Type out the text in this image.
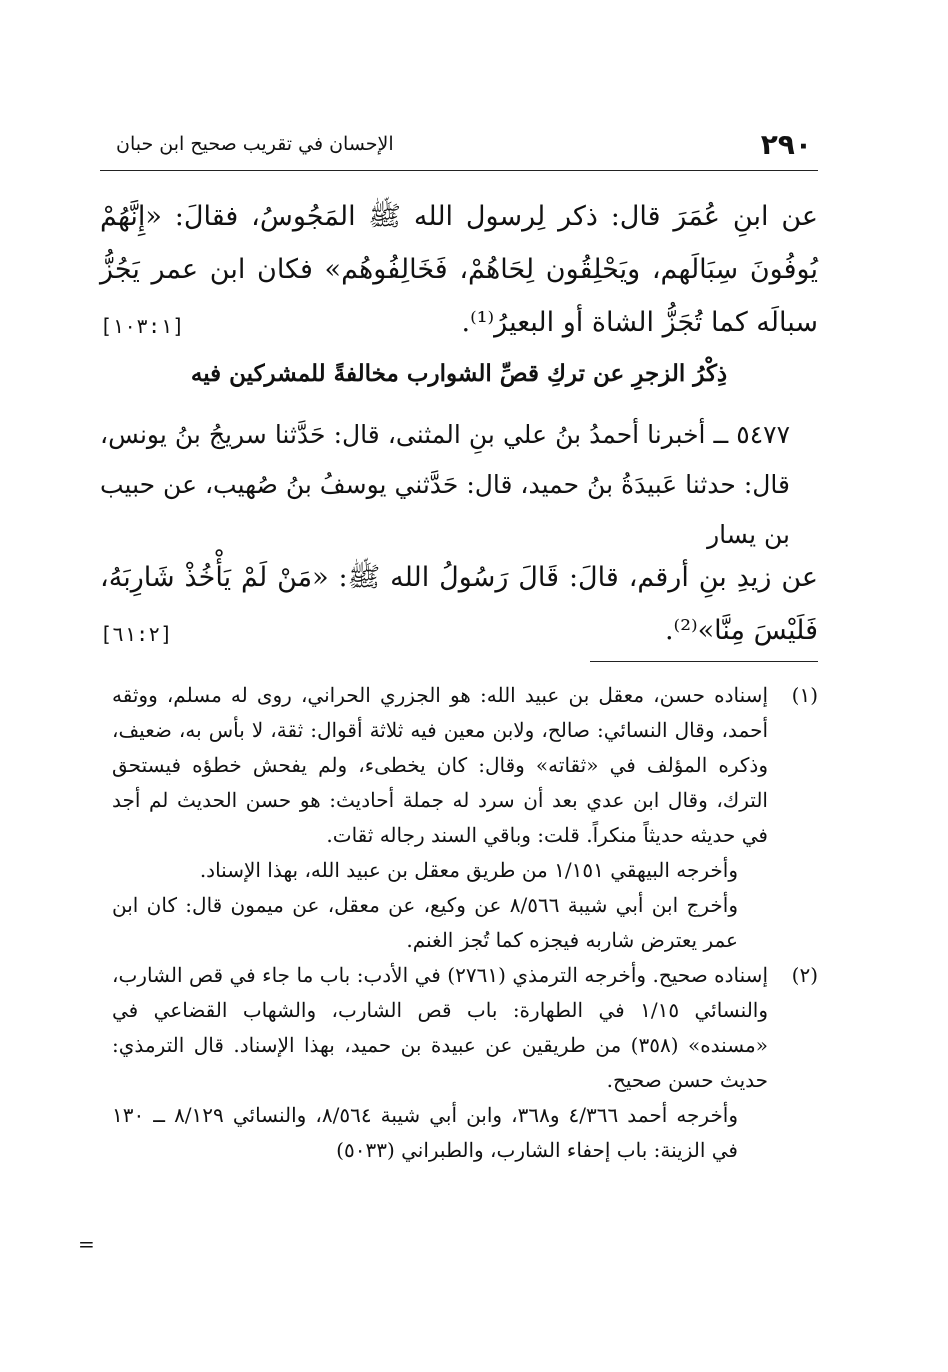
٢٩٠
الإحسان في تقريب صحيح ابن حبان
عن ابنِ عُمَرَ قال: ذكر لِرسول الله ﷺ المَجُوسُ، فقالَ: «إِنَّهُمْ يُوفُونَ سِبَالَهم، ويَحْلِقُون لِحَاهُمْ، فَخَالِفُوهُم» فكان ابن عمر يَجُزُّ سبالَه كما تُجَزُّ الشاة أو البعيرُ⁽¹⁾.
[١٠٣:١]
ذِكْرُ الزجرِ عن تركِ قصِّ الشوارب مخالفةً للمشركين فيه
٥٤٧٧ ــ أخبرنا أحمدُ بنُ علي بنِ المثنى، قال: حَدَّثنا سريجُ بنُ يونس، قال: حدثنا عَبيدَةُ بنُ حميد، قال: حَدَّثني يوسفُ بنُ صُهيب، عن حبيب بن يسار
عن زيدِ بنِ أرقم، قالَ: قَالَ رَسُولُ الله ﷺ: «مَنْ لَمْ يَأْخُذْ شَارِبَهُ، فَلَيْسَ مِنَّا»⁽²⁾.
[٦١:٢]
(١)
إسناده حسن، معقل بن عبيد الله: هو الجزري الحراني، روى له مسلم، ووثقه أحمد، وقال النسائي: صالح، ولابن معين فيه ثلاثة أقوال: ثقة، لا بأس به، ضعيف، وذكره المؤلف في «ثقاته» وقال: كان يخطىء، ولم يفحش خطؤه فيستحق الترك، وقال ابن عدي بعد أن سرد له جملة أحاديث: هو حسن الحديث لم أجد في حديثه حديثاً منكراً. قلت: وباقي السند رجاله ثقات.
وأخرجه البيهقي ١/١٥١ من طريق معقل بن عبيد الله، بهذا الإسناد.
وأخرج ابن أبي شيبة ٨/٥٦٦ عن وكيع، عن معقل، عن ميمون قال: كان ابن عمر يعترض شاربه فيجزه كما تُجز الغنم.
(٢)
إسناده صحيح. وأخرجه الترمذي (٢٧٦١) في الأدب: باب ما جاء في قص الشارب، والنسائي ١/١٥ في الطهارة: باب قص الشارب، والشهاب القضاعي في «مسنده» (٣٥٨) من طريقين عن عبيدة بن حميد، بهذا الإسناد. قال الترمذي: حديث حسن صحيح.
وأخرجه أحمد ٤/٣٦٦ و٣٦٨، وابن أبي شيبة ٨/٥٦٤، والنسائي ٨/١٢٩ ــ ١٣٠ في الزينة: باب إحفاء الشارب، والطبراني (٥٠٣٣)
=
